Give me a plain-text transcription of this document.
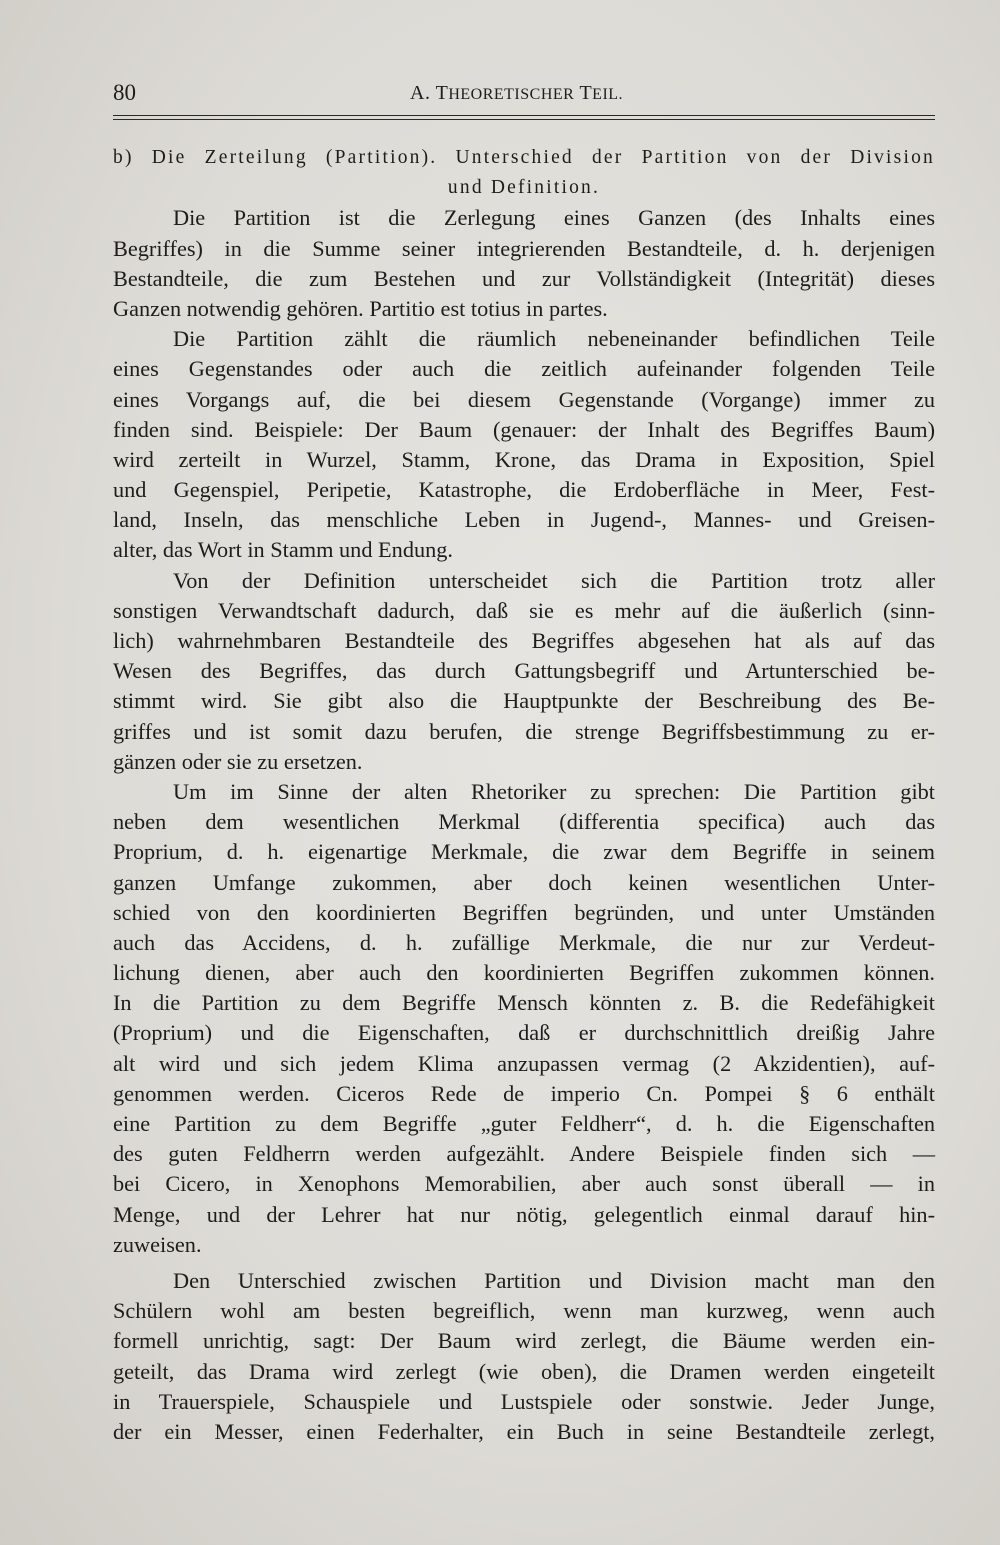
80	A. THEORETISCHER TEIL.
b) Die Zerteilung (Partition). Unterschied der Partition von der Division
und Definition.
Die Partition ist die Zerlegung eines Ganzen (des Inhalts eines
Begriffes) in die Summe seiner integrierenden Bestandteile, d. h. derjenigen
Bestandteile, die zum Bestehen und zur Vollständigkeit (Integrität) dieses
Ganzen notwendig gehören. Partitio est totius in partes.
Die Partition zählt die räumlich nebeneinander befindlichen Teile
eines Gegenstandes oder auch die zeitlich aufeinander folgenden Teile
eines Vorgangs auf, die bei diesem Gegenstande (Vorgange) immer zu
finden sind. Beispiele: Der Baum (genauer: der Inhalt des Begriffes Baum)
wird zerteilt in Wurzel, Stamm, Krone, das Drama in Exposition, Spiel
und Gegenspiel, Peripetie, Katastrophe, die Erdoberfläche in Meer, Fest-
land, Inseln, das menschliche Leben in Jugend-, Mannes- und Greisen-
alter, das Wort in Stamm und Endung.
Von der Definition unterscheidet sich die Partition trotz aller
sonstigen Verwandtschaft dadurch, daß sie es mehr auf die äußerlich (sinn-
lich) wahrnehmbaren Bestandteile des Begriffes abgesehen hat als auf das
Wesen des Begriffes, das durch Gattungsbegriff und Artunterschied be-
stimmt wird. Sie gibt also die Hauptpunkte der Beschreibung des Be-
griffes und ist somit dazu berufen, die strenge Begriffsbestimmung zu er-
gänzen oder sie zu ersetzen.
Um im Sinne der alten Rhetoriker zu sprechen: Die Partition gibt
neben dem wesentlichen Merkmal (differentia specifica) auch das
Proprium, d. h. eigenartige Merkmale, die zwar dem Begriffe in seinem
ganzen Umfange zukommen, aber doch keinen wesentlichen Unter-
schied von den koordinierten Begriffen begründen, und unter Umständen
auch das Accidens, d. h. zufällige Merkmale, die nur zur Verdeut-
lichung dienen, aber auch den koordinierten Begriffen zukommen können.
In die Partition zu dem Begriffe Mensch könnten z. B. die Redefähigkeit
(Proprium) und die Eigenschaften, daß er durchschnittlich dreißig Jahre
alt wird und sich jedem Klima anzupassen vermag (2 Akzidentien), auf-
genommen werden. Ciceros Rede de imperio Cn. Pompei § 6 enthält
eine Partition zu dem Begriffe „guter Feldherr“, d. h. die Eigenschaften
des guten Feldherrn werden aufgezählt. Andere Beispiele finden sich —
bei Cicero, in Xenophons Memorabilien, aber auch sonst überall — in
Menge, und der Lehrer hat nur nötig, gelegentlich einmal darauf hin-
zuweisen.
Den Unterschied zwischen Partition und Division macht man den
Schülern wohl am besten begreiflich, wenn man kurzweg, wenn auch
formell unrichtig, sagt: Der Baum wird zerlegt, die Bäume werden ein-
geteilt, das Drama wird zerlegt (wie oben), die Dramen werden eingeteilt
in Trauerspiele, Schauspiele und Lustspiele oder sonstwie. Jeder Junge,
der ein Messer, einen Federhalter, ein Buch in seine Bestandteile zerlegt,
